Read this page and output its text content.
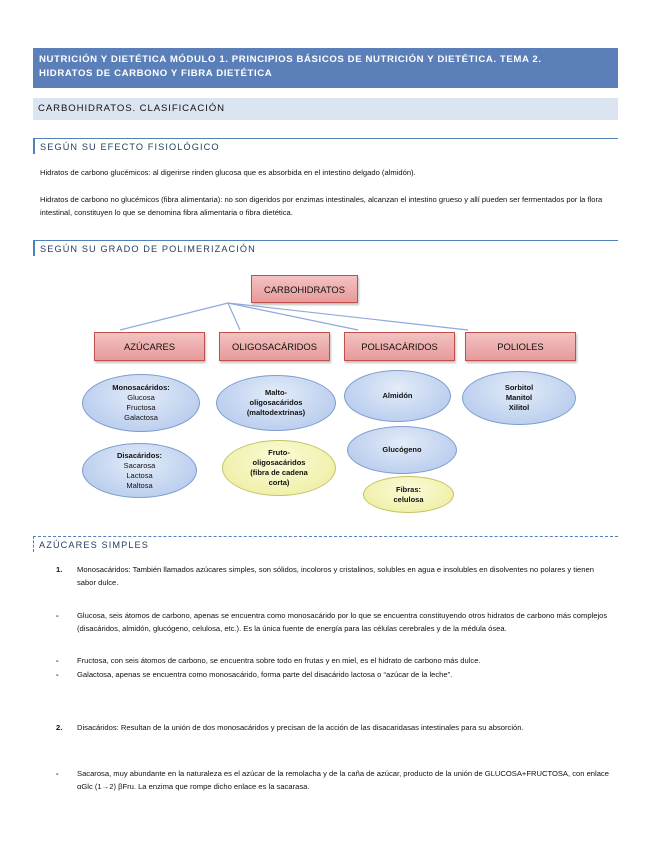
NUTRICIÓN Y DIETÉTICA MÓDULO 1. PRINCIPIOS BÁSICOS DE NUTRICIÓN Y DIETÉTICA. TEMA 2.
HIDRATOS DE CARBONO Y FIBRA DIETÉTICA
CARBOHIDRATOS. CLASIFICACIÓN
SEGÚN SU EFECTO FISIOLÓGICO
Hidratos de carbono glucémicos: al digerirse rinden glucosa que es absorbida en el intestino delgado (almidón).
Hidratos de carbono no glucémicos (fibra alimentaria): no son digeridos por enzimas intestinales, alcanzan el intestino grueso y allí pueden ser fermentados por la flora intestinal, constituyen lo que se denomina fibra alimentaria o fibra dietética.
SEGÚN SU GRADO DE POLIMERIZACIÓN
CARBOHIDRATOS
AZÚCARES	OLIGOSACÁRIDOS	POLISACÁRIDOS	POLIOLES
Monosacáridos:
Glucosa
Fructosa
Galactosa
Disacáridos:
Sacarosa
Lactosa
Maltosa
Malto-
oligosacáridos
(maltodextrinas)
Fruto-
oligosacáridos
(fibra de cadena
corta)
Almidón
Glucógeno
Fibras:
celulosa
Sorbitol
Manitol
Xilitol
AZÚCARES SIMPLES
1.	Monosacáridos: También llamados azúcares simples, son sólidos, incoloros y cristalinos, solubles en agua e insolubles en disolventes no polares y tienen sabor dulce.
-	Glucosa, seis átomos de carbono, apenas se encuentra como monosacárido por lo que se encuentra constituyendo otros hidratos de carbono más complejos (disacáridos, almidón, glucógeno, celulosa, etc.). Es la única fuente de energía para las células cerebrales y de la médula ósea.
-	Fructosa, con seis átomos de carbono, se encuentra sobre todo en frutas y en miel, es el hidrato de carbono más dulce.
-	Galactosa, apenas se encuentra como monosacárido, forma parte del disacárido lactosa o “azúcar de la leche”.
2.	Disacáridos: Resultan de la unión de dos monosacáridos y precisan de la acción de las disacaridasas intestinales para su absorción.
-	Sacarosa, muy abundante en la naturaleza es el azúcar de la remolacha y de la caña de azúcar, producto de la unión de GLUCOSA+FRUCTOSA, con enlace αGlc (1→2) βFru. La enzima que rompe dicho enlace es la sacarasa.
